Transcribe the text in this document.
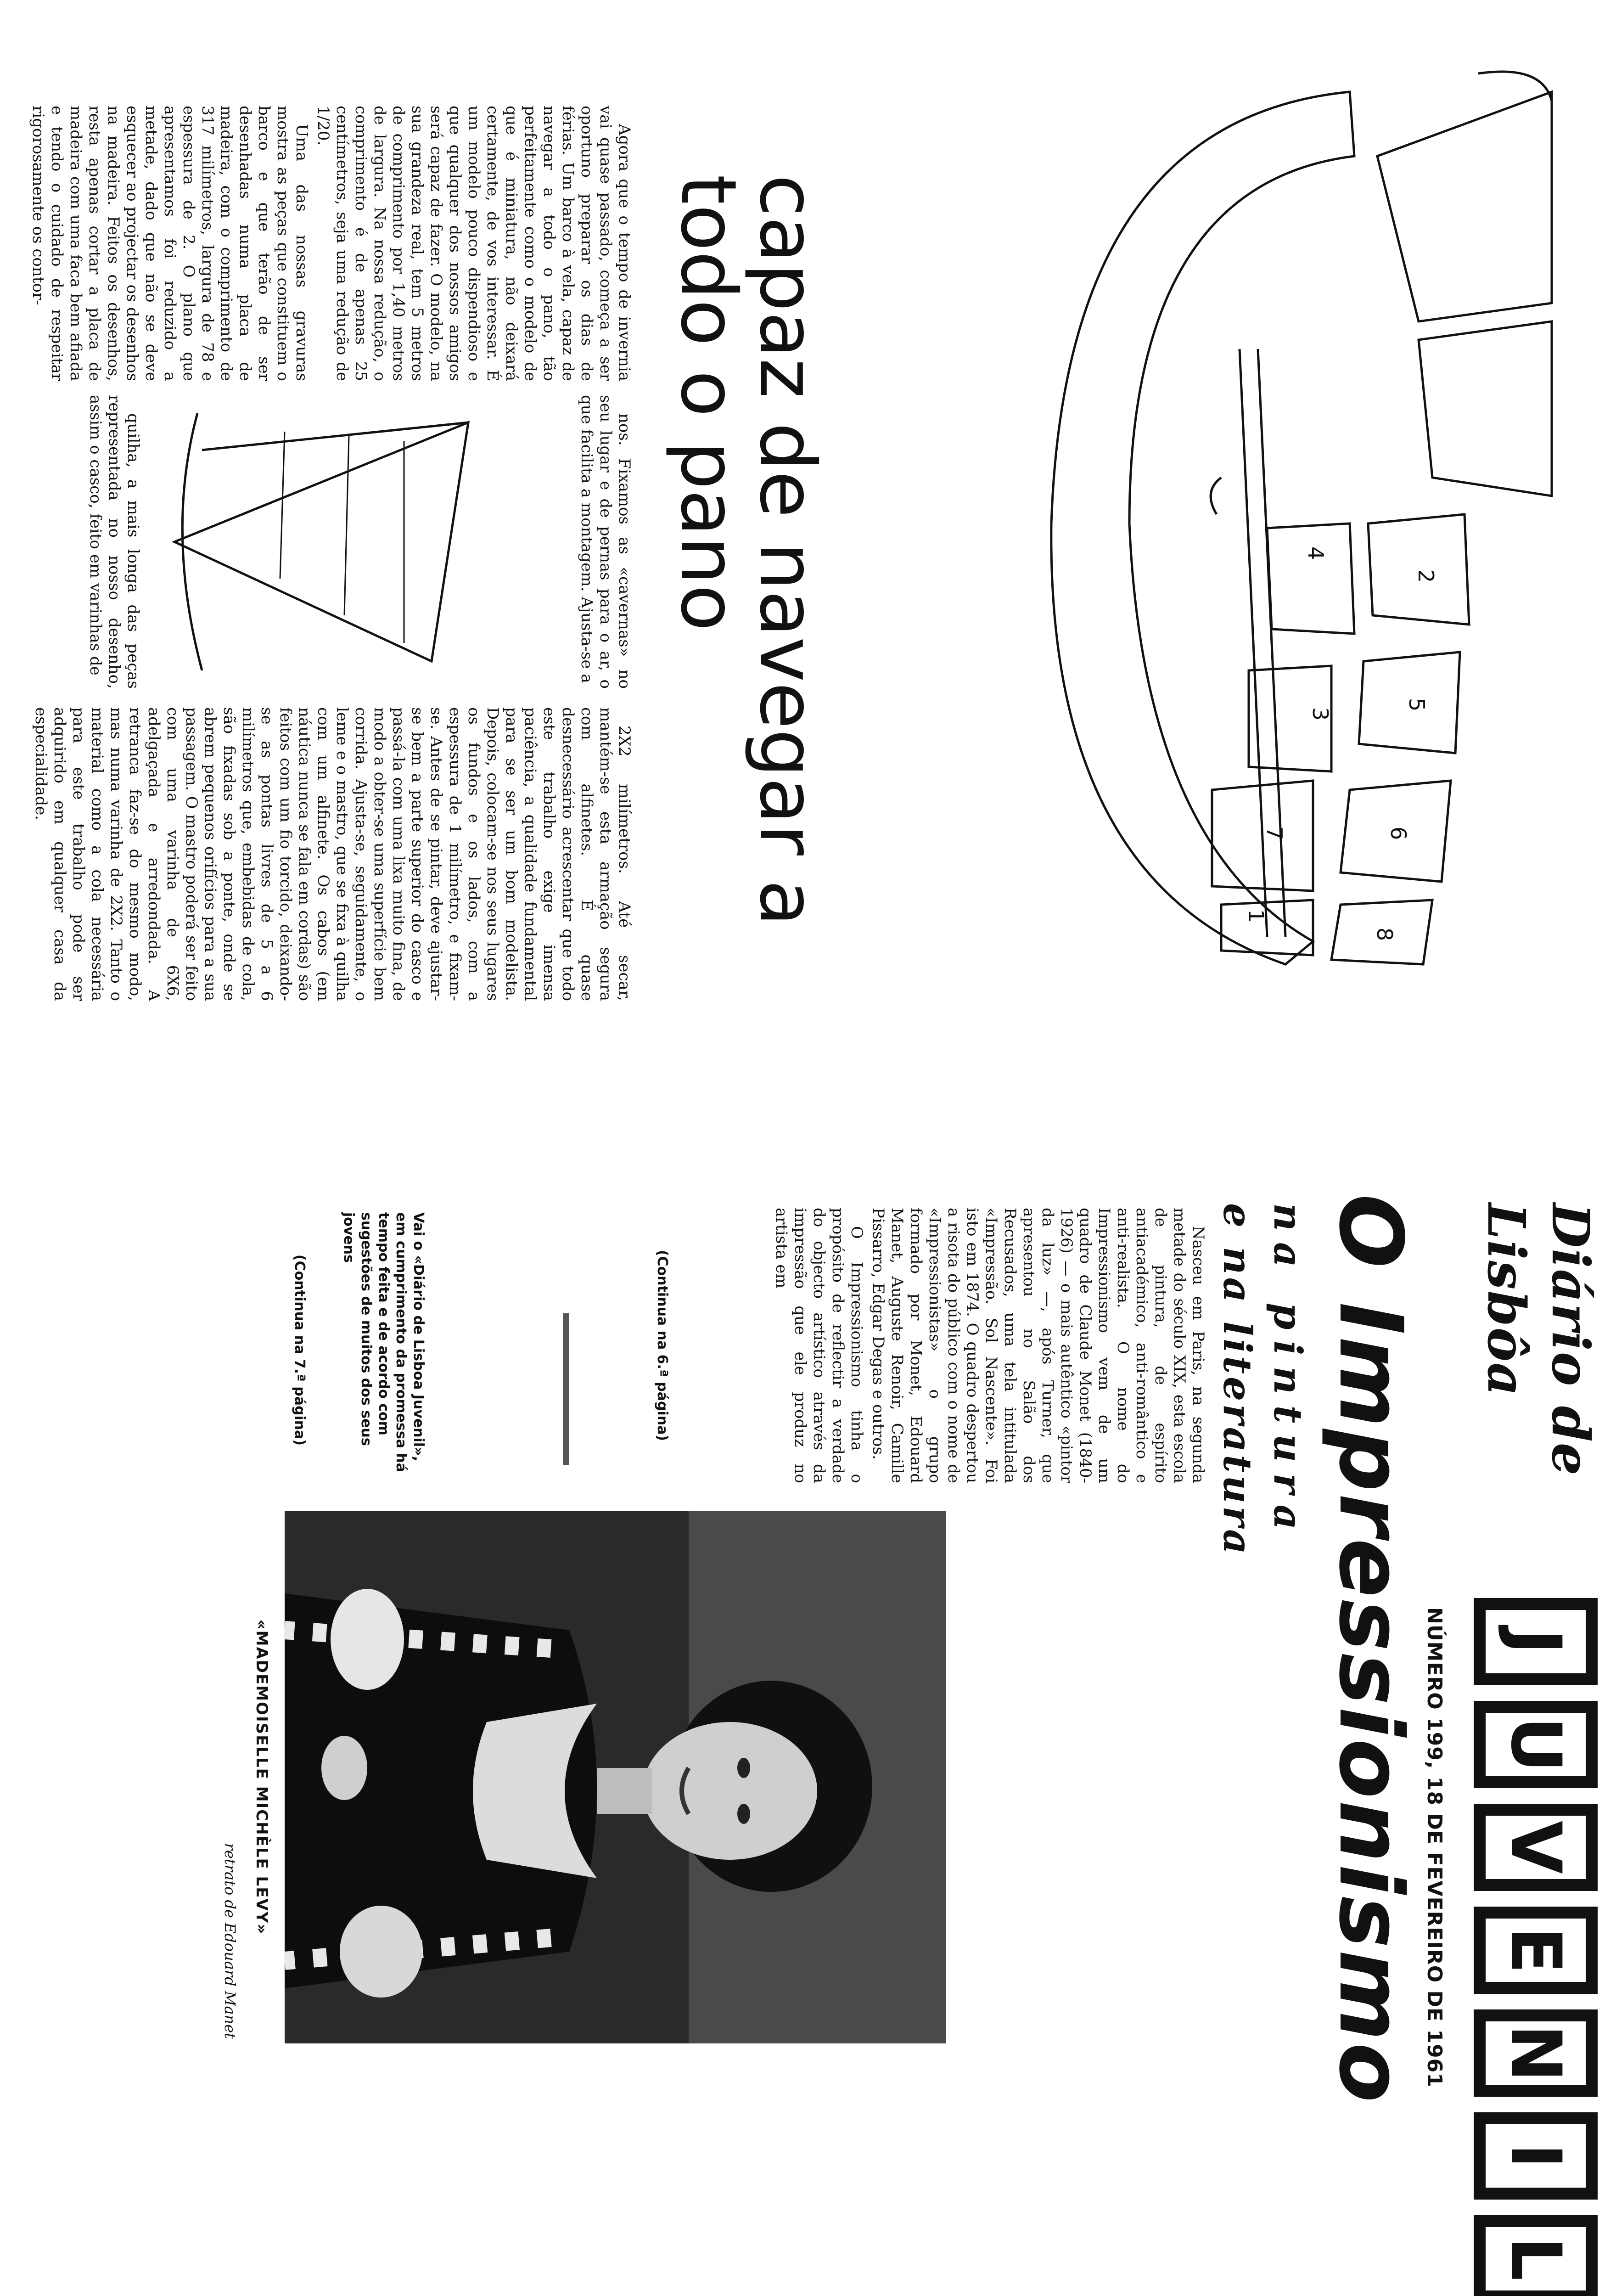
Diário de Lisbôa
J
U
V
E
N
I
L
NÚMERO 199, 18 DE FEVEREIRO DE 1961
O Impressionismo
na pintura
e na literatura

Nasceu em Paris, na segunda metade do século XIX, esta escola de pintura, de espírito antiacadémico, anti-romântico e anti-realista. O nome do Impressionismo vem de um quadro de Claude Monet (1840-1926) — o mais autêntico «pintor da luz» —, após Turner, que apresentou no Salão dos Recusados, uma tela intitulada «Impressão. Sol Nascente». Foi isto em 1874. O quadro despertou a risota do público com o nome de «Impressionistas» o grupo formado por Monet, Edouard Manet, Auguste Renoir, Camille Pissarro, Edgar Degas e outros.

O Impressionismo tinha o propósito de reflectir a verdade do objecto artístico através da impressão que ele produz no artista em

(Continua na 6.ª página)
Vai o «Diário de Lisboa Juvenil», em cumprimento da promessa há tempo feita e de acordo com sugestões de muitos dos seus jovens
(Continua na 7.ª página)
«MADEMOISELLE MICHÈLE LEVY»
retrato de Edouard Manet
1
2
3
4
5
6
7
8
capaz de navegar a todo o pano

Agora que o tempo de invernia vai quase passado, começa a ser oportuno preparar os dias de férias. Um barco à vela, capaz de navegar a todo o pano, tão perfeitamente como o modelo de que é miniatura, não deixará certamente, de vos interessar. É um modelo pouco dispendioso e que qualquer dos nossos amigos será capaz de fazer. O modelo, na sua grandeza real, tem 5 metros de comprimento por 1,40 metros de largura. Na nossa redução, o comprimento é de apenas 25 centímetros, seja uma redução de 1/20.

Uma das nossas gravuras mostra as peças que constituem o barco e que terão de ser desenhadas numa placa de madeira, com o comprimento de 317 milímetros, largura de 78 e espessura de 2. O plano que apresentamos foi reduzido a metade, dado que não se deve esquecer ao projectar os desenhos na madeira. Feitos os desenhos, resta apenas cortar a placa de madeira com uma faca bem afiada e tendo o cuidado de respeitar rigorosamente os contor-

nos. Fixamos as «cavernas» no seu lugar e de pernas para o ar, o que facilita a montagem. Ajusta-se a

quilha, a mais longa das peças representada no nosso desenho, assim o casco, feito em varinhas de

2X2 milímetros. Até secar, mantém-se esta armação segura com alfinetes. É quase desnecessário acrescentar que todo este trabalho exige imensa paciência, a qualidade fundamental para se ser um bom modelista. Depois, colocam-se nos seus lugares os fundos e os lados, com a espessura de 1 milímetro, e fixam-se. Antes de se pintar, deve ajustar-se bem a parte superior do casco e passá-la com uma lixa muito fina, de modo a obter-se uma superfície bem corrida. Ajusta-se, seguidamente, o leme e o mastro, que se fixa à quilha com um alfinete. Os cabos (em náutica nunca se fala em cordas) são feitos com um fio torcido, deixando-se as pontas livres de 5 a 6 milímetros que, embebidas de cola, são fixadas sob a ponte, onde se abrem pequenos orifícios para a sua passagem. O mastro poderá ser feito com uma varinha de 6X6, adelgaçada e arredondada. A retranca faz-se do mesmo modo, mas numa varinha de 2X2. Tanto o material como a cola necessária para este trabalho pode ser adquirido em qualquer casa da especialidade.
